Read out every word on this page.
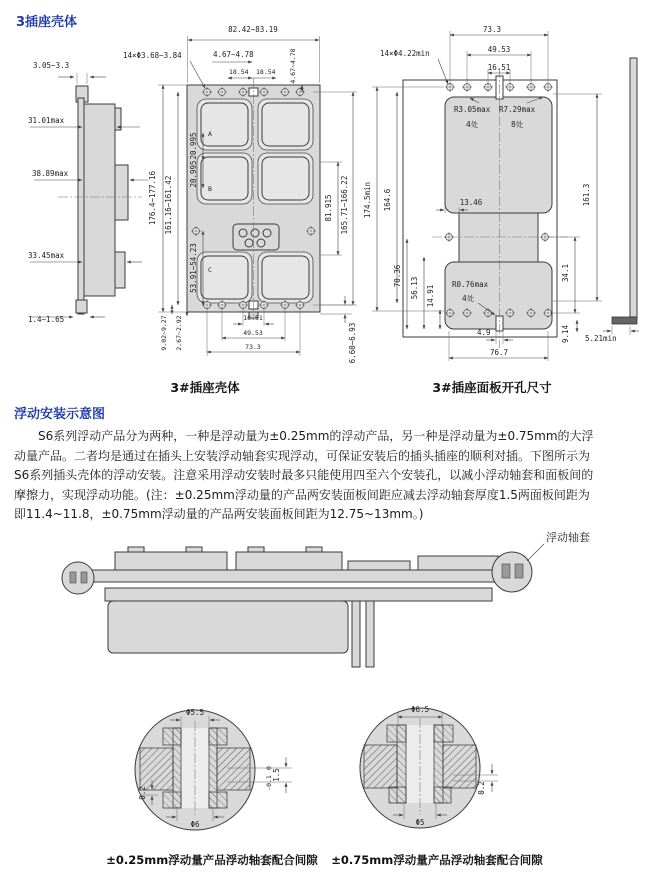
3插座壳体
3.05~3.3
31.01max
38.89max
33.45max
1.4~1.65
A
B
C
82.42~83.19
4.67~4.78
18.54 18.54 4.67~4.78
14×Φ3.68~3.84
176.4~177.16 161.16~161.42
20.995
20.995
53.91~54.23
81.915 165.71~166.22
6.60~6.93
16.51
49.53
73.3
9.02~9.27 2.67~2.92
3#插座壳体
73.3
49.53
16.51
14×Φ4.22min
R3.05max
4处
R7.29max
8处
174.5min 164.6
70.36
56.13 14.91
13.46
R0.76max
4处
161.3
34.1
4.9
76.7
9.14 5.21min
3#插座面板开孔尺寸
浮动安装示意图
S6系列浮动产品分为两种，一种是浮动量为±0.25mm的浮动产品，另一种是浮动量为±0.75mm的大浮
动量产品。二者均是通过在插头上安装浮动轴套实现浮动，可保证安装后的插头插座的顺利对插。下图所示为
S6系列插头壳体的浮动安装。注意采用浮动安装时最多只能使用四至六个安装孔，以减小浮动轴套和面板间的
摩擦力，实现浮动功能。(注：±0.25mm浮动量的产品两安装面板间距应减去浮动轴套厚度1.5两面板间距为
即11.4~11.8，±0.75mm浮动量的产品两安装面板间距为12.75~13mm。)
浮动轴套
Φ5.5
Φ6
1.5
0
-0.1
0.2
Φ6.5
Φ5
0.2
±0.25mm浮动量产品浮动轴套配合间隙	±0.75mm浮动量产品浮动轴套配合间隙
